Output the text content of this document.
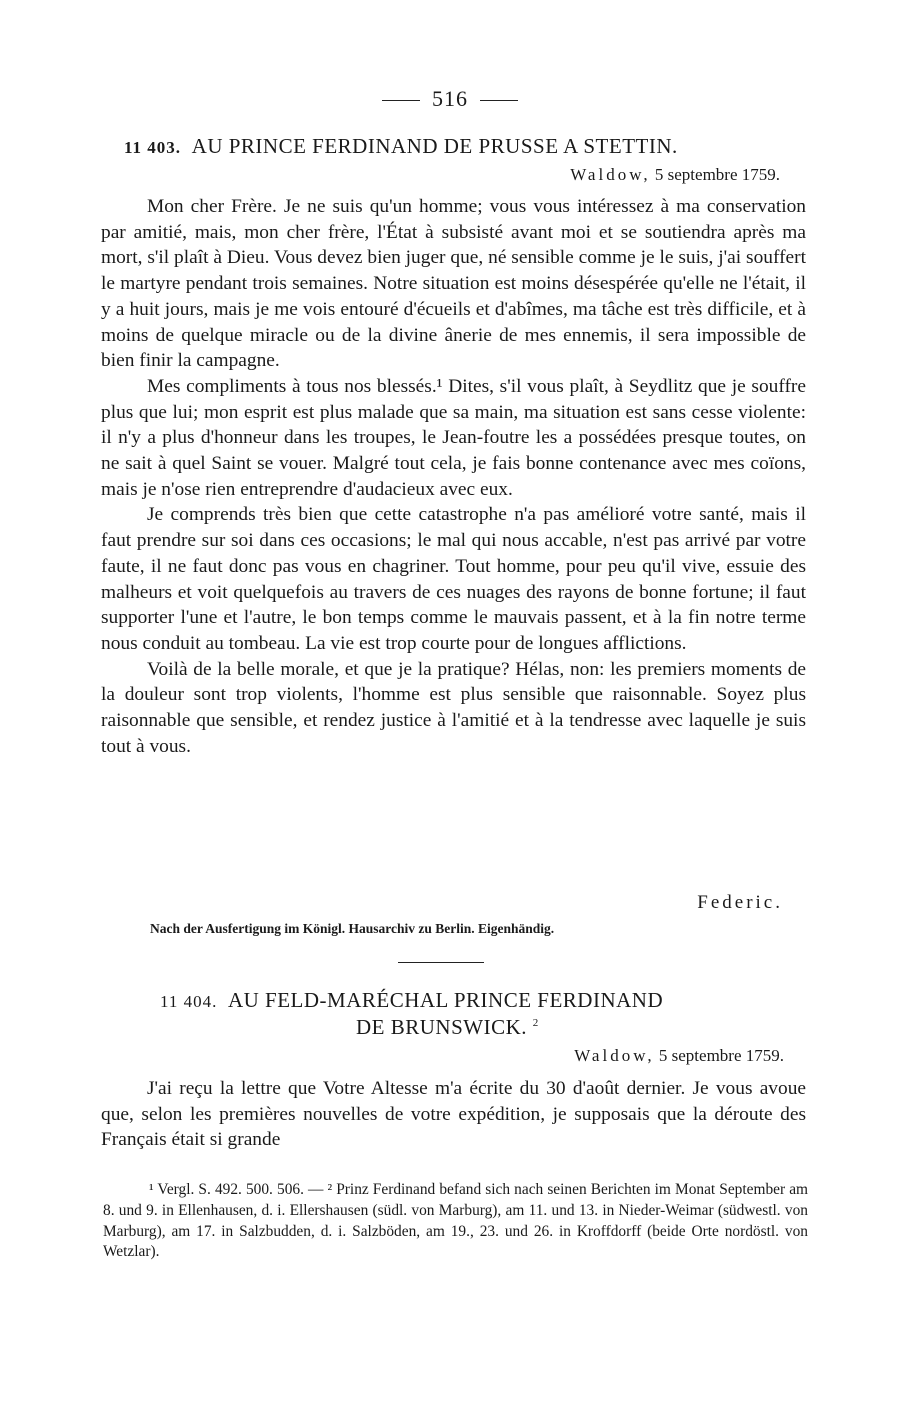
516
11 403. AU PRINCE FERDINAND DE PRUSSE A STETTIN.
Waldow, 5 septembre 1759.

Mon cher Frère. Je ne suis qu'un homme; vous vous intéressez à ma conservation par amitié, mais, mon cher frère, l'État à subsisté avant moi et se soutiendra après ma mort, s'il plaît à Dieu. Vous devez bien juger que, né sensible comme je le suis, j'ai souffert le martyre pendant trois semaines. Notre situation est moins désespérée qu'elle ne l'était, il y a huit jours, mais je me vois entouré d'écueils et d'abîmes, ma tâche est très difficile, et à moins de quelque miracle ou de la divine ânerie de mes ennemis, il sera impossible de bien finir la campagne.

Mes compliments à tous nos blessés.¹ Dites, s'il vous plaît, à Seydlitz que je souffre plus que lui; mon esprit est plus malade que sa main, ma situation est sans cesse violente: il n'y a plus d'honneur dans les troupes, le Jean-foutre les a possédées presque toutes, on ne sait à quel Saint se vouer. Malgré tout cela, je fais bonne contenance avec mes coïons, mais je n'ose rien entreprendre d'audacieux avec eux.

Je comprends très bien que cette catastrophe n'a pas amélioré votre santé, mais il faut prendre sur soi dans ces occasions; le mal qui nous accable, n'est pas arrivé par votre faute, il ne faut donc pas vous en chagriner. Tout homme, pour peu qu'il vive, essuie des malheurs et voit quelquefois au travers de ces nuages des rayons de bonne fortune; il faut supporter l'une et l'autre, le bon temps comme le mauvais passent, et à la fin notre terme nous conduit au tombeau. La vie est trop courte pour de longues afflictions.

Voilà de la belle morale, et que je la pratique? Hélas, non: les premiers moments de la douleur sont trop violents, l'homme est plus sensible que raisonnable. Soyez plus raisonnable que sensible, et rendez justice à l'amitié et à la tendresse avec laquelle je suis tout à vous.

Federic.
Nach der Ausfertigung im Königl. Hausarchiv zu Berlin. Eigenhändig.
11 404. AU FELD-MARÉCHAL PRINCE FERDINAND
DE BRUNSWICK. $^2$
Waldow, 5 septembre 1759.

J'ai reçu la lettre que Votre Altesse m'a écrite du 30 d'août dernier. Je vous avoue que, selon les premières nouvelles de votre expédition, je supposais que la déroute des Français était si grande

¹ Vergl. S. 492. 500. 506. — ² Prinz Ferdinand befand sich nach seinen Berichten im Monat September am 8. und 9. in Ellenhausen, d. i. Ellershausen (südl. von Marburg), am 11. und 13. in Nieder-Weimar (südwestl. von Marburg), am 17. in Salzbudden, d. i. Salzböden, am 19., 23. und 26. in Kroffdorff (beide Orte nordöstl. von Wetzlar).
